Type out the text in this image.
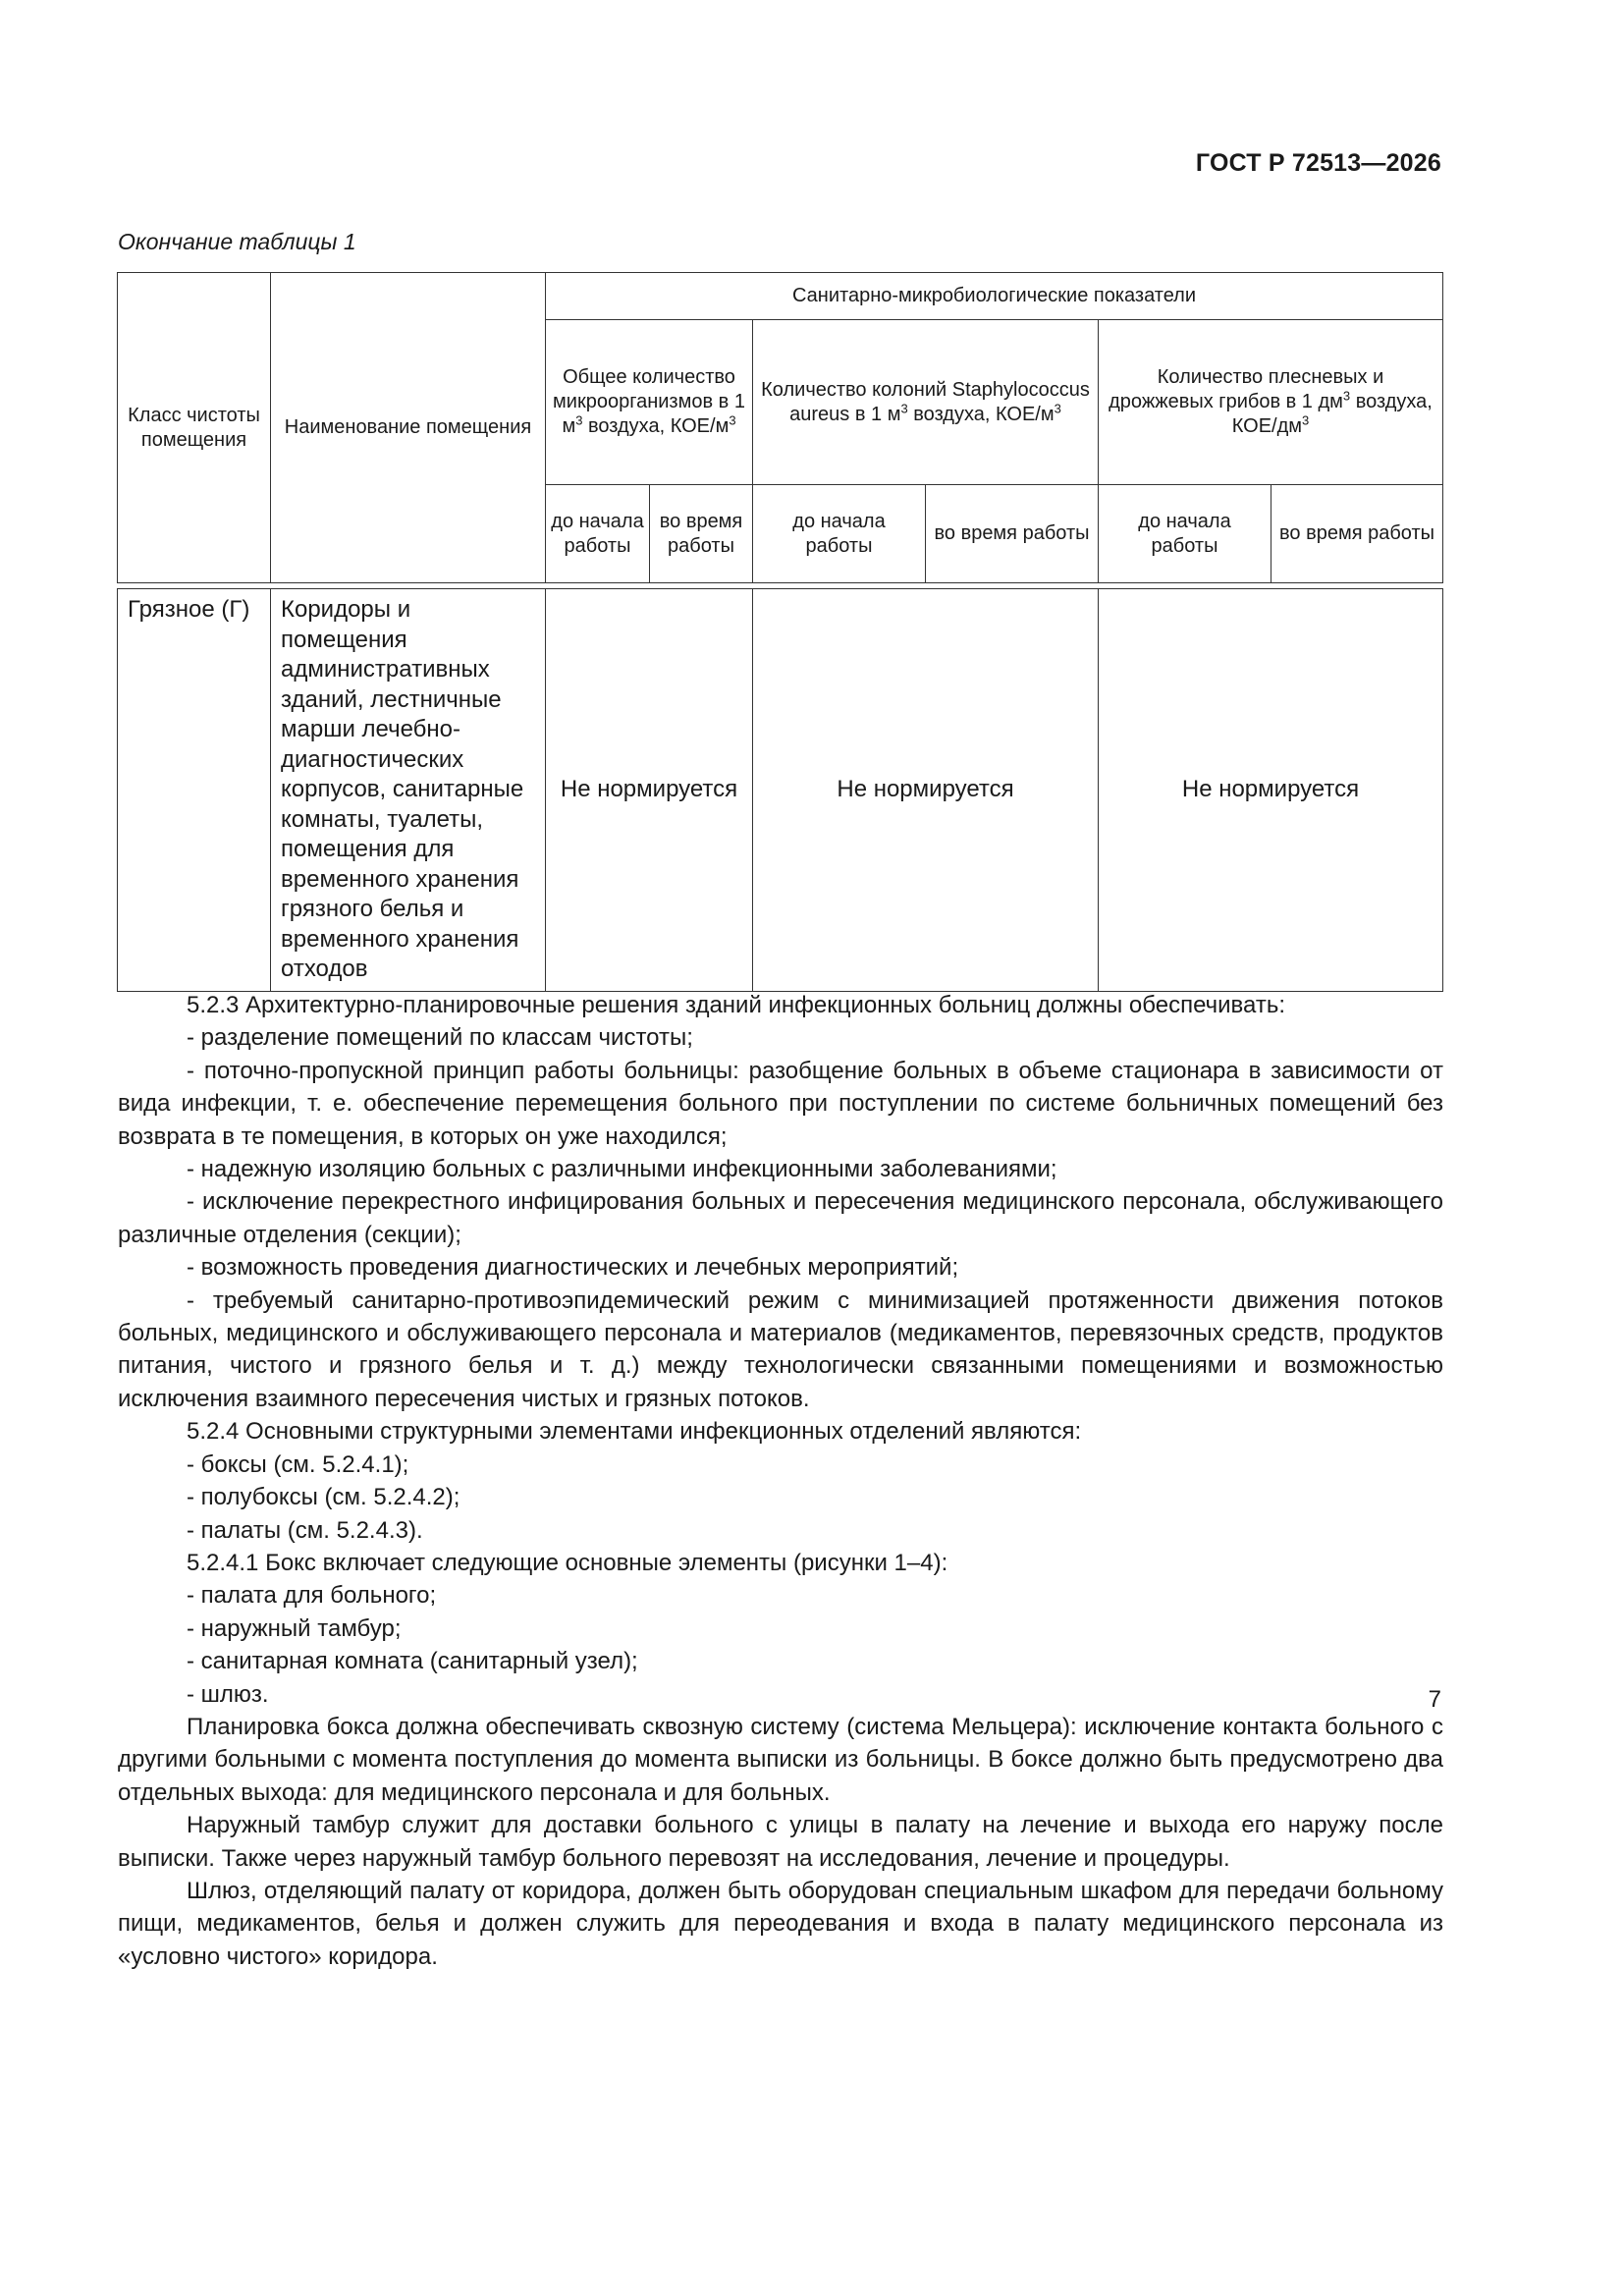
ГОСТ Р 72513—2026
Окончание таблицы 1
Класс чистоты помещения	Наименование помещения	Санитарно-микробиологические показатели					
		Общее количество микроорганизмов в 1 $м^3$ воздуха, КОЕ/$м^3$		Количество колоний Staphylococcus aureus в 1 $м^3$ воздуха, КОЕ/$м^3$		Количество плесневых и дрожжевых грибов в 1 $дм^3$ воздуха, КОЕ/$дм^3$
		до начала работы	во время работы	до начала работы	во время работы	до начала работы	во время работы

Грязное (Г)	Коридоры и помещения административных зданий, лестничные марши лечебно-диагностических корпусов, санитарные комнаты, туалеты, помещения для временного хранения грязного белья и временного хранения отходов	Не нормируется		Не нормируется		Не нормируется	

5.2.3 Архитектурно-планировочные решения зданий инфекционных больниц должны обеспечивать:

- разделение помещений по классам чистоты;

- поточно-пропускной принцип работы больницы: разобщение больных в объеме стационара в зависимости от вида инфекции, т. е. обеспечение перемещения больного при поступлении по системе больничных помещений без возврата в те помещения, в которых он уже находился;

- надежную изоляцию больных с различными инфекционными заболеваниями;

- исключение перекрестного инфицирования больных и пересечения медицинского персонала, обслуживающего различные отделения (секции);

- возможность проведения диагностических и лечебных мероприятий;

- требуемый санитарно-противоэпидемический режим с минимизацией протяженности движения потоков больных, медицинского и обслуживающего персонала и материалов (медикаментов, перевязочных средств, продуктов питания, чистого и грязного белья и т. д.) между технологически связанными помещениями и возможностью исключения взаимного пересечения чистых и грязных потоков.

5.2.4 Основными структурными элементами инфекционных отделений являются:

- боксы (см. 5.2.4.1);

- полубоксы (см. 5.2.4.2);

- палаты (см. 5.2.4.3).

5.2.4.1 Бокс включает следующие основные элементы (рисунки 1–4):

- палата для больного;

- наружный тамбур;

- санитарная комната (санитарный узел);

- шлюз.

Планировка бокса должна обеспечивать сквозную систему (система Мельцера): исключение контакта больного с другими больными с момента поступления до момента выписки из больницы. В боксе должно быть предусмотрено два отдельных выхода: для медицинского персонала и для больных.

Наружный тамбур служит для доставки больного с улицы в палату на лечение и выхода его наружу после выписки. Также через наружный тамбур больного перевозят на исследования, лечение и процедуры.

Шлюз, отделяющий палату от коридора, должен быть оборудован специальным шкафом для передачи больному пищи, медикаментов, белья и должен служить для переодевания и входа в палату медицинского персонала из «условно чистого» коридора.

7
